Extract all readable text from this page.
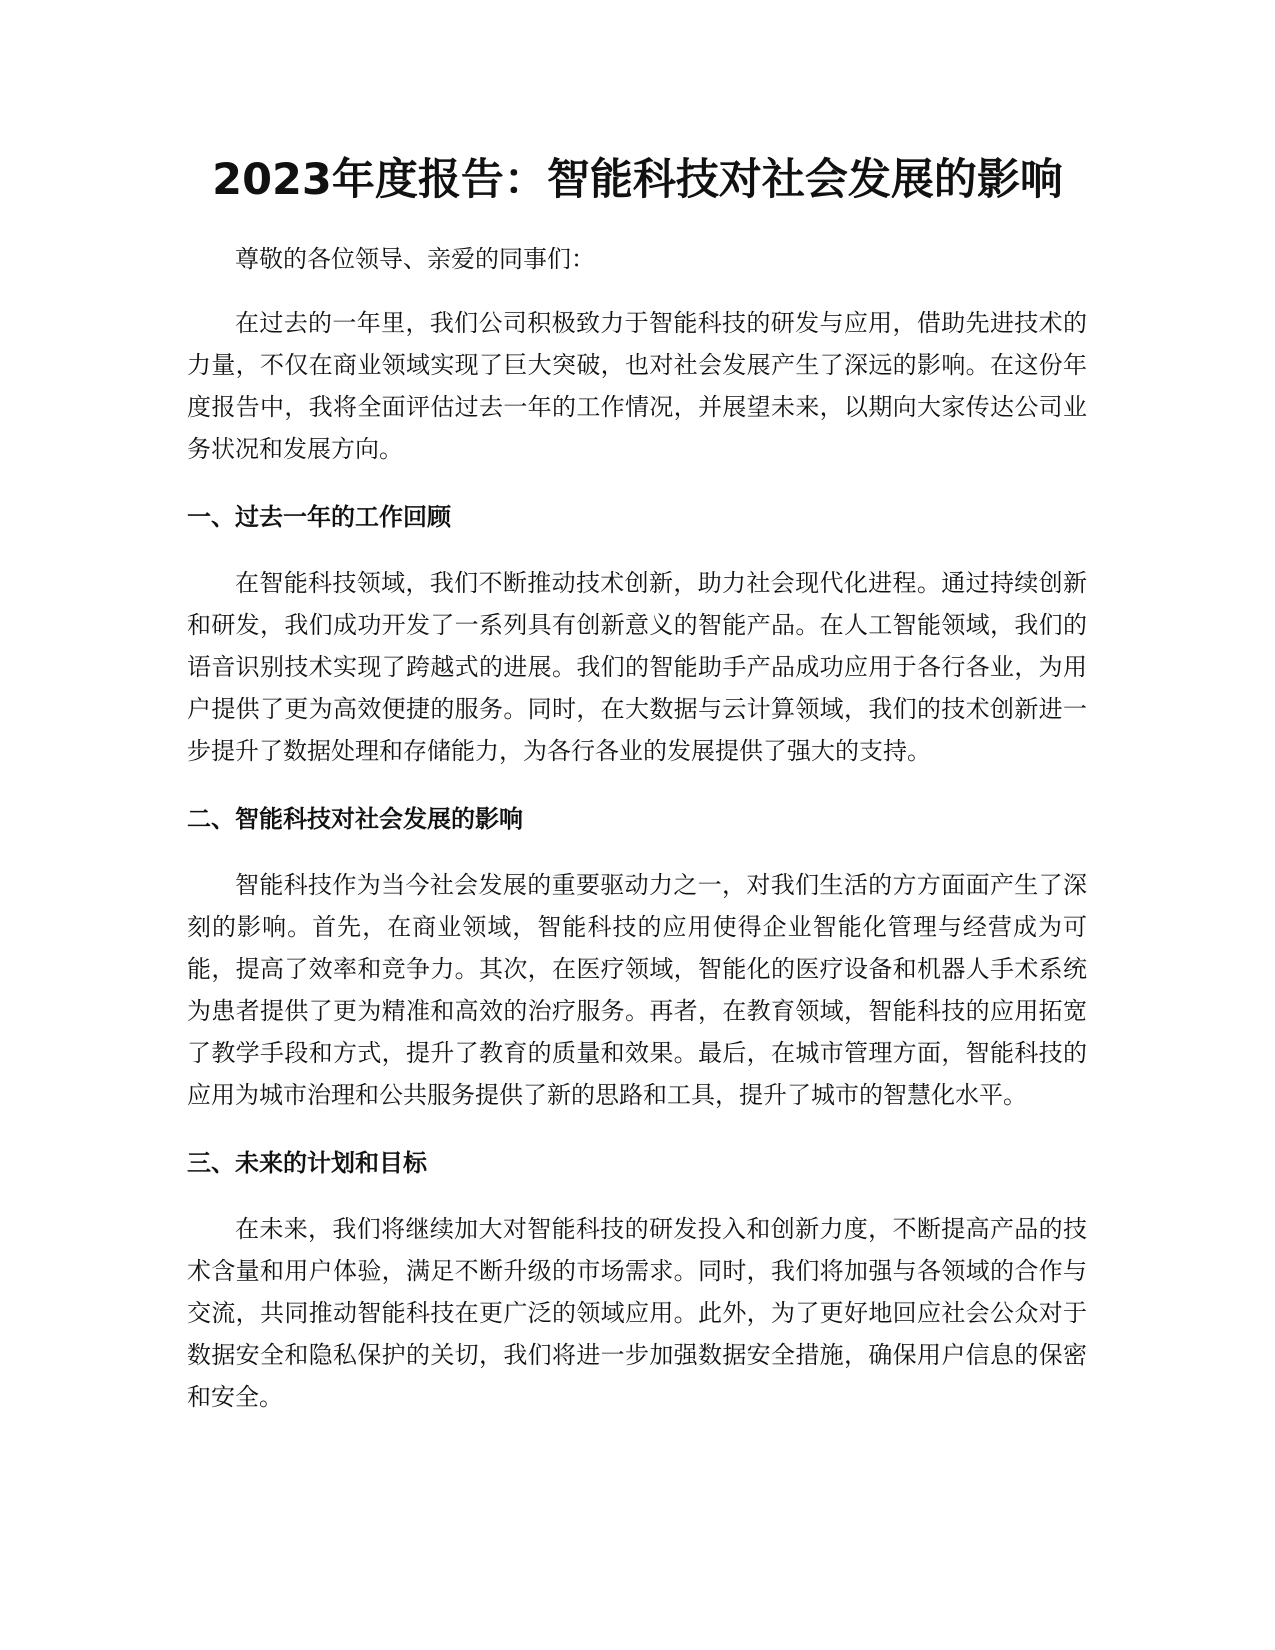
2023年度报告：智能科技对社会发展的影响

尊敬的各位领导、亲爱的同事们：

在过去的一年里，我们公司积极致力于智能科技的研发与应用，借助先进技术的力量，不仅在商业领域实现了巨大突破，也对社会发展产生了深远的影响。在这份年度报告中，我将全面评估过去一年的工作情况，并展望未来，以期向大家传达公司业务状况和发展方向。

一、过去一年的工作回顾

在智能科技领域，我们不断推动技术创新，助力社会现代化进程。通过持续创新和研发，我们成功开发了一系列具有创新意义的智能产品。在人工智能领域，我们的语音识别技术实现了跨越式的进展。我们的智能助手产品成功应用于各行各业，为用户提供了更为高效便捷的服务。同时，在大数据与云计算领域，我们的技术创新进一步提升了数据处理和存储能力，为各行各业的发展提供了强大的支持。

二、智能科技对社会发展的影响

智能科技作为当今社会发展的重要驱动力之一，对我们生活的方方面面产生了深刻的影响。首先，在商业领域，智能科技的应用使得企业智能化管理与经营成为可能，提高了效率和竞争力。其次，在医疗领域，智能化的医疗设备和机器人手术系统为患者提供了更为精准和高效的治疗服务。再者，在教育领域，智能科技的应用拓宽了教学手段和方式，提升了教育的质量和效果。最后，在城市管理方面，智能科技的应用为城市治理和公共服务提供了新的思路和工具，提升了城市的智慧化水平。

三、未来的计划和目标

在未来，我们将继续加大对智能科技的研发投入和创新力度，不断提高产品的技术含量和用户体验，满足不断升级的市场需求。同时，我们将加强与各领域的合作与交流，共同推动智能科技在更广泛的领域应用。此外，为了更好地回应社会公众对于数据安全和隐私保护的关切，我们将进一步加强数据安全措施，确保用户信息的保密和安全。
